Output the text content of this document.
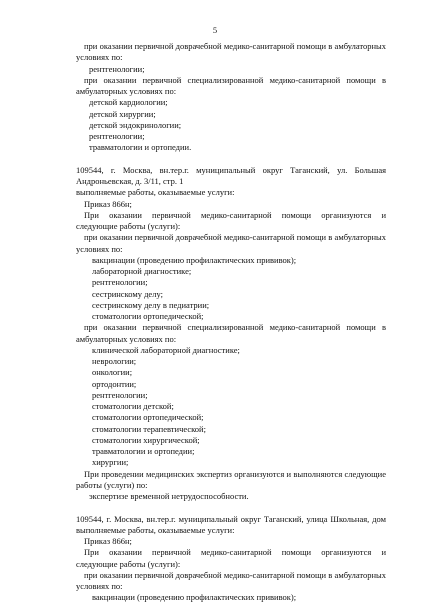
5
при оказании первичной доврачебной медико-санитарной помощи в амбулаторных
условиях по:
рентгенологии;
при оказании первичной специализированной медико-санитарной помощи в
амбулаторных условиях по:
детской кардиологии;
детской хирургии;
детской эндокринологии;
рентгенологии;
травматологии и ортопедии.
109544, г. Москва, вн.тер.г. муниципальный округ Таганский, ул. Большая
Андроньевская, д. 3/11, стр. 1
выполняемые работы, оказываемые услуги:
Приказ 866н;
При оказании первичной медико-санитарной помощи организуются и
следующие работы (услуги):
при оказании первичной доврачебной медико-санитарной помощи в амбулаторных
условиях по:
вакцинации (проведению профилактических прививок);
лабораторной диагностике;
рентгенологии;
сестринскому делу;
сестринскому делу в педиатрии;
стоматологии ортопедической;
при оказании первичной специализированной медико-санитарной помощи в
амбулаторных условиях по:
клинической лабораторной диагностике;
неврологии;
онкологии;
ортодонтии;
рентгенологии;
стоматологии детской;
стоматологии ортопедической;
стоматологии терапевтической;
стоматологии хирургической;
травматологии и ортопедии;
хирургии;
При проведении медицинских экспертиз организуются и выполняются следующие
работы (услуги) по:
экспертизе временной нетрудоспособности.
109544, г. Москва, вн.тер.г. муниципальный округ Таганский, улица Школьная, дом
выполняемые работы, оказываемые услуги:
Приказ 866н;
При оказании первичной медико-санитарной помощи организуются и
следующие работы (услуги):
при оказании первичной доврачебной медико-санитарной помощи в амбулаторных
условиях по:
вакцинации (проведению профилактических прививок);
